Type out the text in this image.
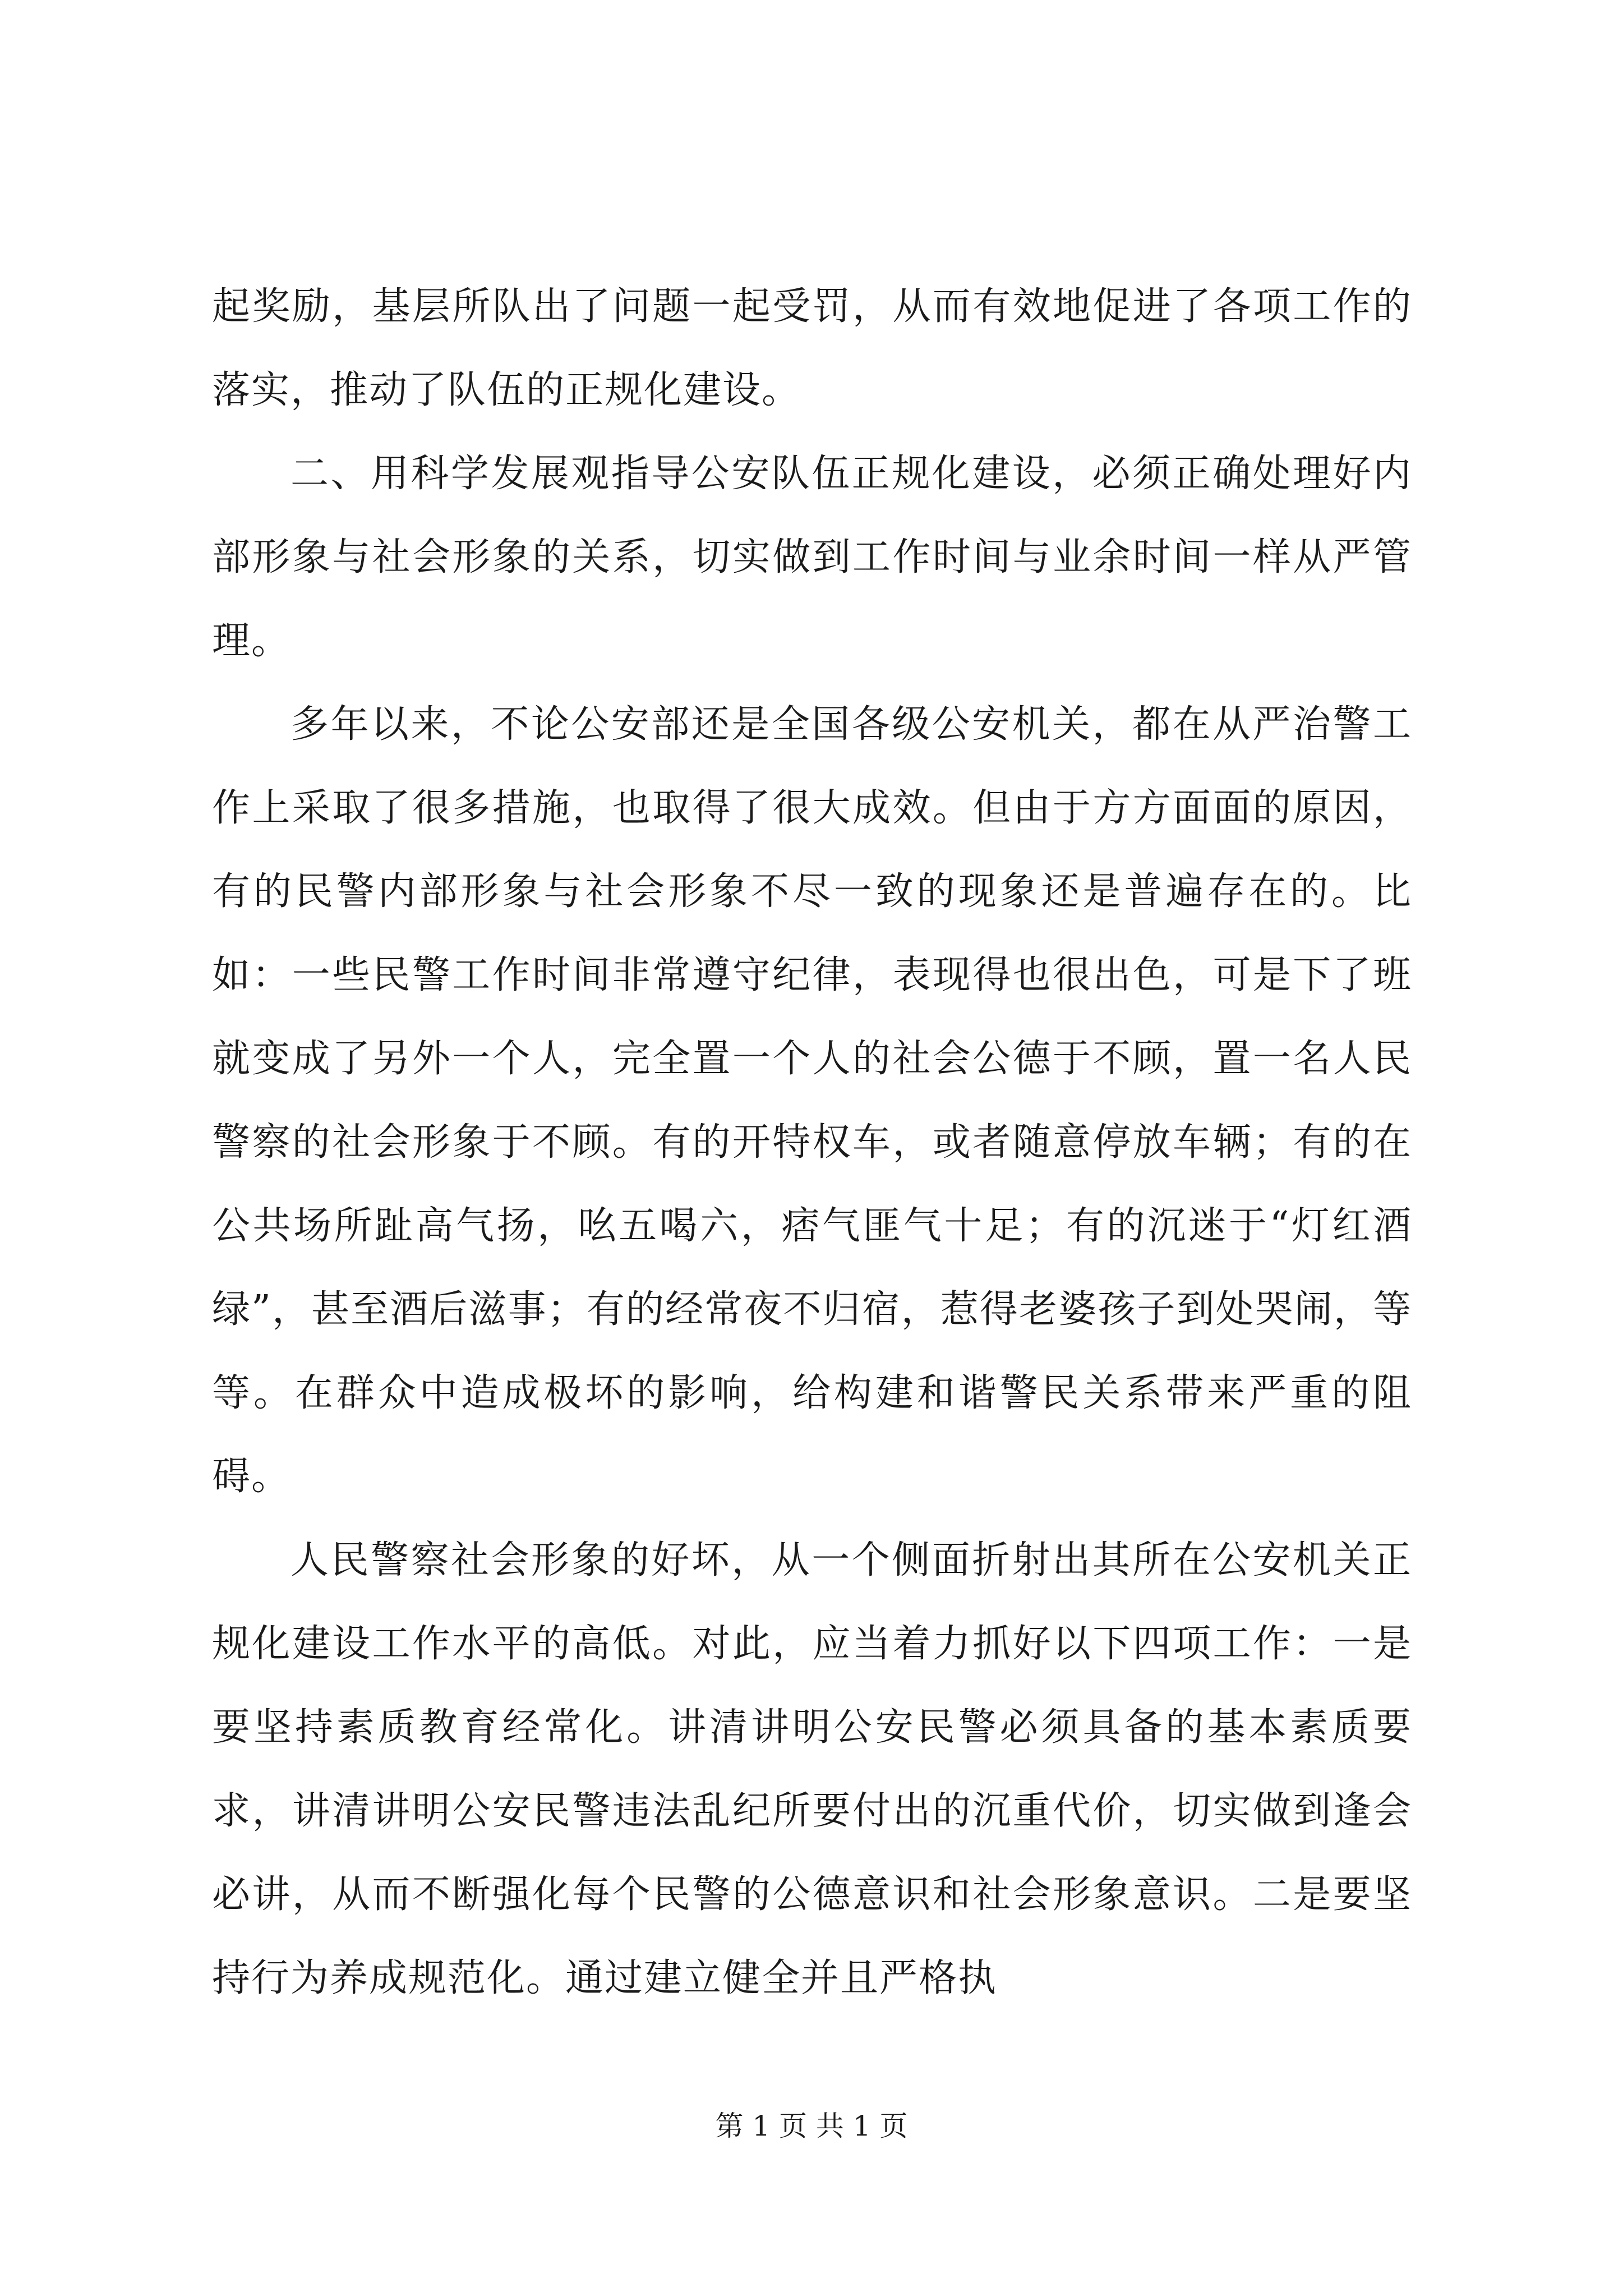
起奖励，基层所队出了问题一起受罚，从而有效地促进了各项工作的落实，推动了队伍的正规化建设。

二、用科学发展观指导公安队伍正规化建设，必须正确处理好内部形象与社会形象的关系，切实做到工作时间与业余时间一样从严管理。

多年以来，不论公安部还是全国各级公安机关，都在从严治警工作上采取了很多措施，也取得了很大成效。但由于方方面面的原因，有的民警内部形象与社会形象不尽一致的现象还是普遍存在的。比如：一些民警工作时间非常遵守纪律，表现得也很出色，可是下了班就变成了另外一个人，完全置一个人的社会公德于不顾，置一名人民警察的社会形象于不顾。有的开特权车，或者随意停放车辆；有的在公共场所趾高气扬，吆五喝六，痞气匪气十足；有的沉迷于“灯红酒绿”，甚至酒后滋事；有的经常夜不归宿，惹得老婆孩子到处哭闹，等等。在群众中造成极坏的影响，给构建和谐警民关系带来严重的阻碍。

人民警察社会形象的好坏，从一个侧面折射出其所在公安机关正规化建设工作水平的高低。对此，应当着力抓好以下四项工作：一是要坚持素质教育经常化。讲清讲明公安民警必须具备的基本素质要求，讲清讲明公安民警违法乱纪所要付出的沉重代价，切实做到逢会必讲，从而不断强化每个民警的公德意识和社会形象意识。二是要坚持行为养成规范化。通过建立健全并且严格执

第 1 页 共 1 页
